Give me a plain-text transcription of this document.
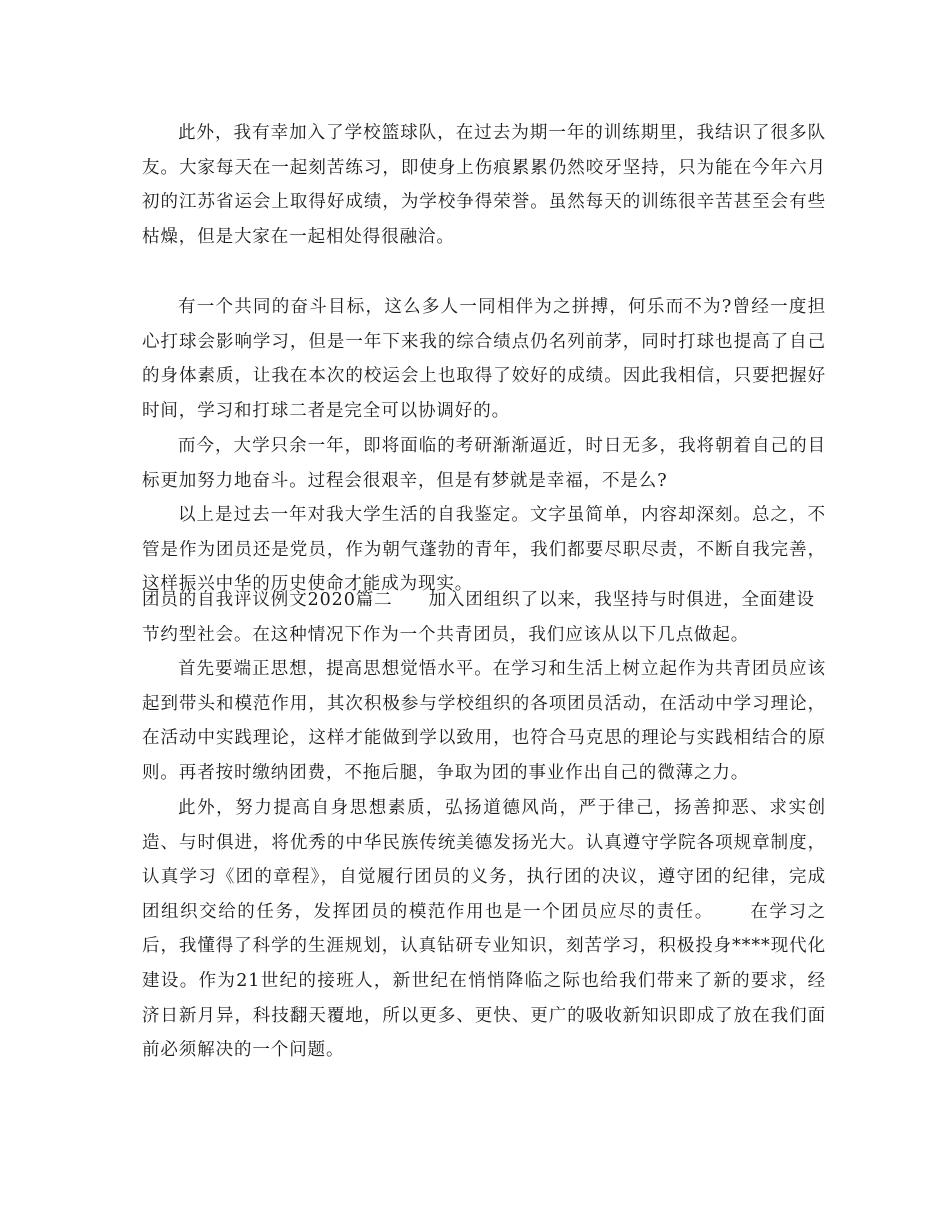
此外，我有幸加入了学校篮球队，在过去为期一年的训练期里，我结识了很多队友。大家每天在一起刻苦练习，即使身上伤痕累累仍然咬牙坚持，只为能在今年六月初的江苏省运会上取得好成绩，为学校争得荣誉。虽然每天的训练很辛苦甚至会有些枯燥，但是大家在一起相处得很融洽。

有一个共同的奋斗目标，这么多人一同相伴为之拼搏，何乐而不为?曾经一度担心打球会影响学习，但是一年下来我的综合绩点仍名列前茅，同时打球也提高了自己的身体素质，让我在本次的校运会上也取得了姣好的成绩。因此我相信，只要把握好时间，学习和打球二者是完全可以协调好的。

而今，大学只余一年，即将面临的考研渐渐逼近，时日无多，我将朝着自己的目标更加努力地奋斗。过程会很艰辛，但是有梦就是幸福，不是么?

以上是过去一年对我大学生活的自我鉴定。文字虽简单，内容却深刻。总之，不管是作为团员还是党员，作为朝气蓬勃的青年，我们都要尽职尽责，不断自我完善，这样振兴中华的历史使命才能成为现实。

团员的自我评议例文2020篇二 加入团组织了以来，我坚持与时俱进，全面建设节约型社会。在这种情况下作为一个共青团员，我们应该从以下几点做起。

首先要端正思想，提高思想觉悟水平。在学习和生活上树立起作为共青团员应该起到带头和模范作用，其次积极参与学校组织的各项团员活动，在活动中学习理论，在活动中实践理论，这样才能做到学以致用，也符合马克思的理论与实践相结合的原则。再者按时缴纳团费，不拖后腿，争取为团的事业作出自己的微薄之力。

此外，努力提高自身思想素质，弘扬道德风尚，严于律己，扬善抑恶、求实创造、与时俱进，将优秀的中华民族传统美德发扬光大。认真遵守学院各项规章制度，认真学习《团的章程》，自觉履行团员的义务，执行团的决议，遵守团的纪律，完成团组织交给的任务，发挥团员的模范作用也是一个团员应尽的责任。 在学习之后，我懂得了科学的生涯规划，认真钻研专业知识，刻苦学习，积极投身****现代化建设。作为21世纪的接班人，新世纪在悄悄降临之际也给我们带来了新的要求，经济日新月异，科技翻天覆地，所以更多、更快、更广的吸收新知识即成了放在我们面前必须解决的一个问题。
